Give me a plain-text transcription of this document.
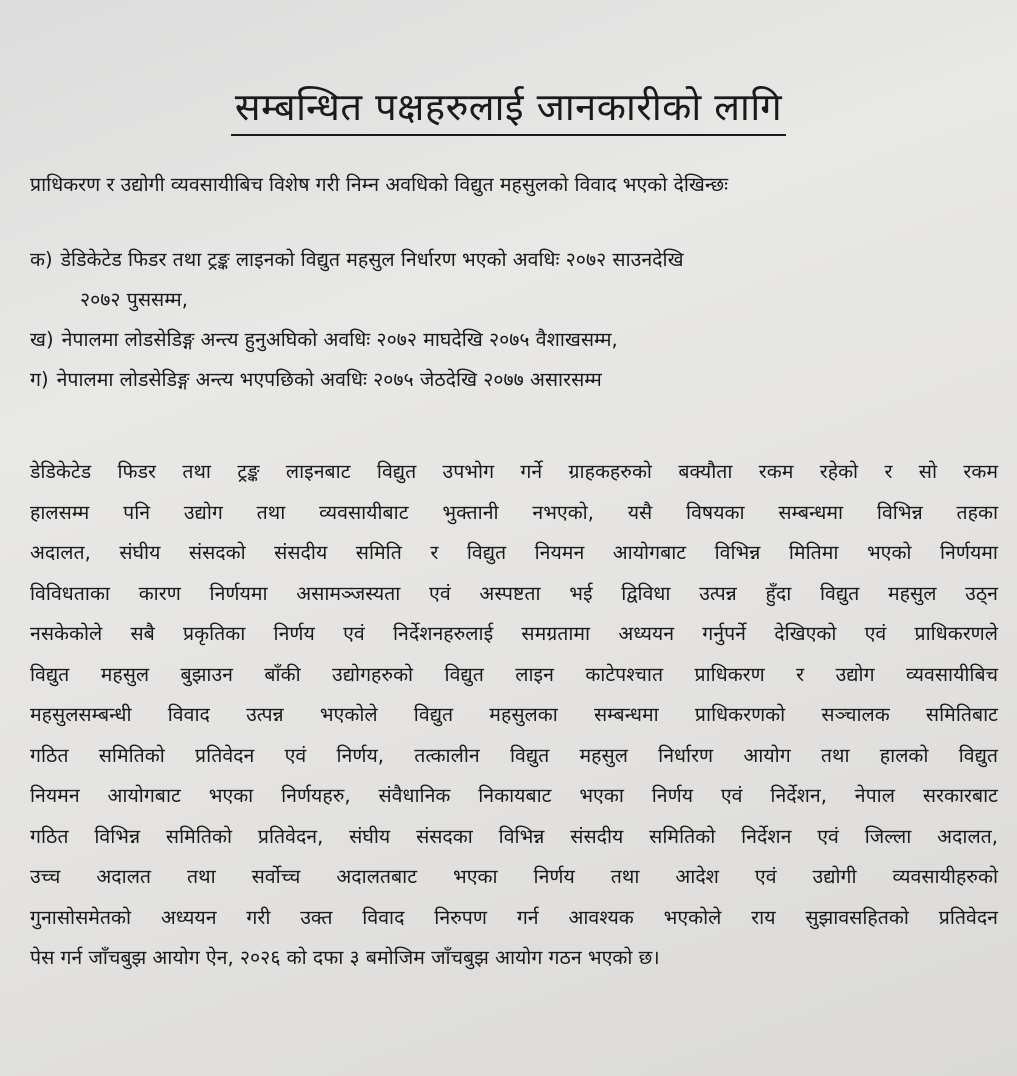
सम्बन्धित पक्षहरुलाई जानकारीको लागि
प्राधिकरण र उद्योगी व्यवसायीबिच विशेष गरी निम्न अवधिको विद्युत महसुलको विवाद भएको देखिन्छः
क) डेडिकेटेड फिडर तथा ट्रङ्क लाइनको विद्युत महसुल निर्धारण भएको अवधिः २०७२ साउनदेखि
२०७२ पुससम्म,
ख) नेपालमा लोडसेडिङ्ग अन्त्य हुनुअघिको अवधिः २०७२ माघदेखि २०७५ वैशाखसम्म,
ग) नेपालमा लोडसेडिङ्ग अन्त्य भएपछिको अवधिः २०७५ जेठदेखि २०७७ असारसम्म
डेडिकेटेड फिडर तथा ट्रङ्क लाइनबाट विद्युत उपभोग गर्ने ग्राहकहरुको बक्यौता रकम रहेको र सो रकम
हालसम्म पनि उद्योग तथा व्यवसायीबाट भुक्तानी नभएको, यसै विषयका सम्बन्धमा विभिन्न तहका
अदालत, संघीय संसदको संसदीय समिति र विद्युत नियमन आयोगबाट विभिन्न मितिमा भएको निर्णयमा
विविधताका कारण निर्णयमा असामञ्जस्यता एवं अस्पष्टता भई द्विविधा उत्पन्न हुँदा विद्युत महसुल उठ्न
नसकेकोले सबै प्रकृतिका निर्णय एवं निर्देशनहरुलाई समग्रतामा अध्ययन गर्नुपर्ने देखिएको एवं प्राधिकरणले
विद्युत महसुल बुझाउन बाँकी उद्योगहरुको विद्युत लाइन काटेपश्चात प्राधिकरण र उद्योग व्यवसायीबिच
महसुलसम्बन्धी विवाद उत्पन्न भएकोले विद्युत महसुलका सम्बन्धमा प्राधिकरणको सञ्चालक समितिबाट
गठित समितिको प्रतिवेदन एवं निर्णय, तत्कालीन विद्युत महसुल निर्धारण आयोग तथा हालको विद्युत
नियमन आयोगबाट भएका निर्णयहरु, संवैधानिक निकायबाट भएका निर्णय एवं निर्देशन, नेपाल सरकारबाट
गठित विभिन्न समितिको प्रतिवेदन, संघीय संसदका विभिन्न संसदीय समितिको निर्देशन एवं जिल्ला अदालत,
उच्च अदालत तथा सर्वोच्च अदालतबाट भएका निर्णय तथा आदेश एवं उद्योगी व्यवसायीहरुको
गुनासोसमेतको अध्ययन गरी उक्त विवाद निरुपण गर्न आवश्यक भएकोले राय सुझावसहितको प्रतिवेदन
पेस गर्न जाँचबुझ आयोग ऐन, २०२६ को दफा ३ बमोजिम जाँचबुझ आयोग गठन भएको छ।
